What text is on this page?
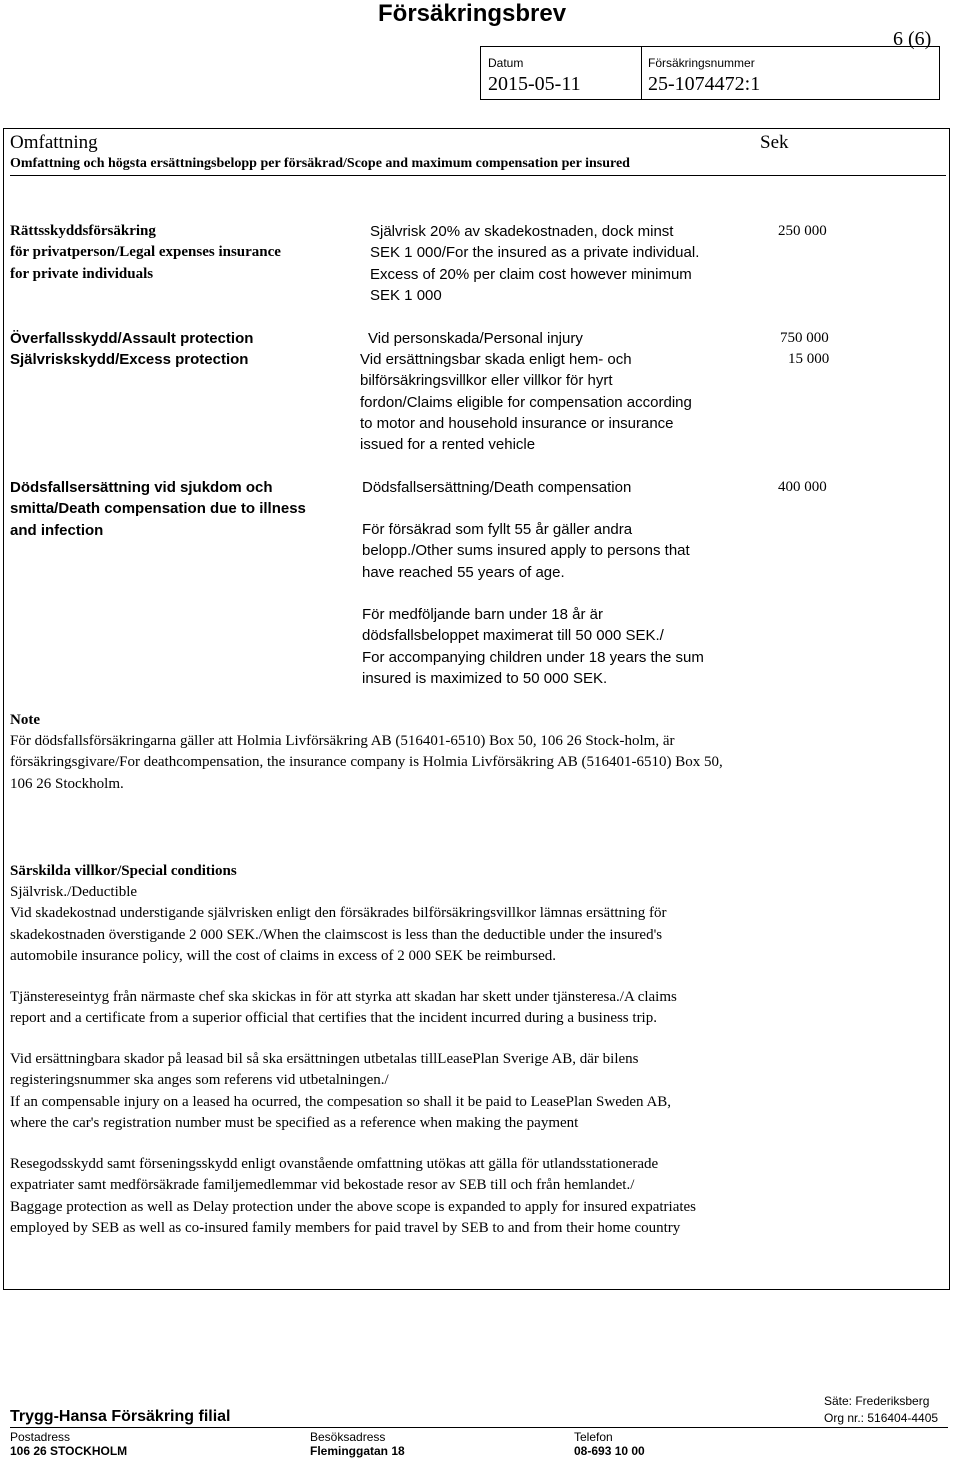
Försäkringsbrev
6 (6)
Datum
2015-05-11
Försäkringsnummer
25-1074472:1
Omfattning	Sek
Omfattning och högsta ersättningsbelopp per försäkrad/Scope and maximum compensation per insured
Rättsskyddsförsäkring
för privatperson/Legal expenses insurance
for private individuals
Självrisk 20% av skadekostnaden, dock minst
SEK 1 000/For the insured as a private individual.
Excess of 20% per claim cost however minimum
SEK 1 000
250 000
Överfallsskydd/Assault protection	Vid personskada/Personal injury	750 000
Självriskskydd/Excess protection	Vid ersättningsbar skada enligt hem- och
bilförsäkringsvillkor eller villkor för hyrt
fordon/Claims eligible for compensation according
to motor and household insurance or insurance
issued for a rented vehicle
15 000
Dödsfallsersättning vid sjukdom och
smitta/Death compensation due to illness
and infection
Dödsfallsersättning/Death compensation	400 000
För försäkrad som fyllt 55 år gäller andra
belopp./Other sums insured apply to persons that
have reached 55 years of age.
För medföljande barn under 18 år är
dödsfallsbeloppet maximerat till 50 000 SEK./
For accompanying children under 18 years the sum
insured is maximized to 50 000 SEK.
Note
För dödsfallsförsäkringarna gäller att Holmia Livförsäkring AB (516401-6510) Box 50, 106 26 Stock-holm, är
försäkringsgivare/For deathcompensation, the insurance company is Holmia Livförsäkring AB (516401-6510) Box 50,
106 26 Stockholm.
Särskilda villkor/Special conditions
Självrisk./Deductible
Vid skadekostnad understigande självrisken enligt den försäkrades bilförsäkringsvillkor lämnas ersättning för
skadekostnaden överstigande 2 000 SEK./When the claimscost is less than the deductible under the insured's
automobile insurance policy, will the cost of claims in excess of 2 000 SEK be reimbursed.
Tjänstereseintyg från närmaste chef ska skickas in för att styrka att skadan har skett under tjänsteresa./A claims
report and a certificate from a superior official that certifies that the incident incurred during a business trip.
Vid ersättningbara skador på leasad bil så ska ersättningen utbetalas tillLeasePlan Sverige AB, där bilens
registeringsnummer ska anges som referens vid utbetalningen./
If an compensable injury on a leased ha ocurred, the compesation so shall it be paid to LeasePlan Sweden AB,
where the car's registration number must be specified as a reference when making the payment
Resegodsskydd samt förseningsskydd enligt ovanstående omfattning utökas att gälla för utlandsstationerade
expatriater samt medförsäkrade familjemedlemmar vid bekostade resor av SEB till och från hemlandet./
Baggage protection as well as Delay protection under the above scope is expanded to apply for insured expatriates
employed by SEB as well as co-insured family members for paid travel by SEB to and from their home country
Säte: Frederiksberg
Trygg-Hansa Försäkring filial	Org nr.: 516404-4405
Postadress
106 26 STOCKHOLM
Besöksadress
Fleminggatan 18
Telefon
08-693 10 00
